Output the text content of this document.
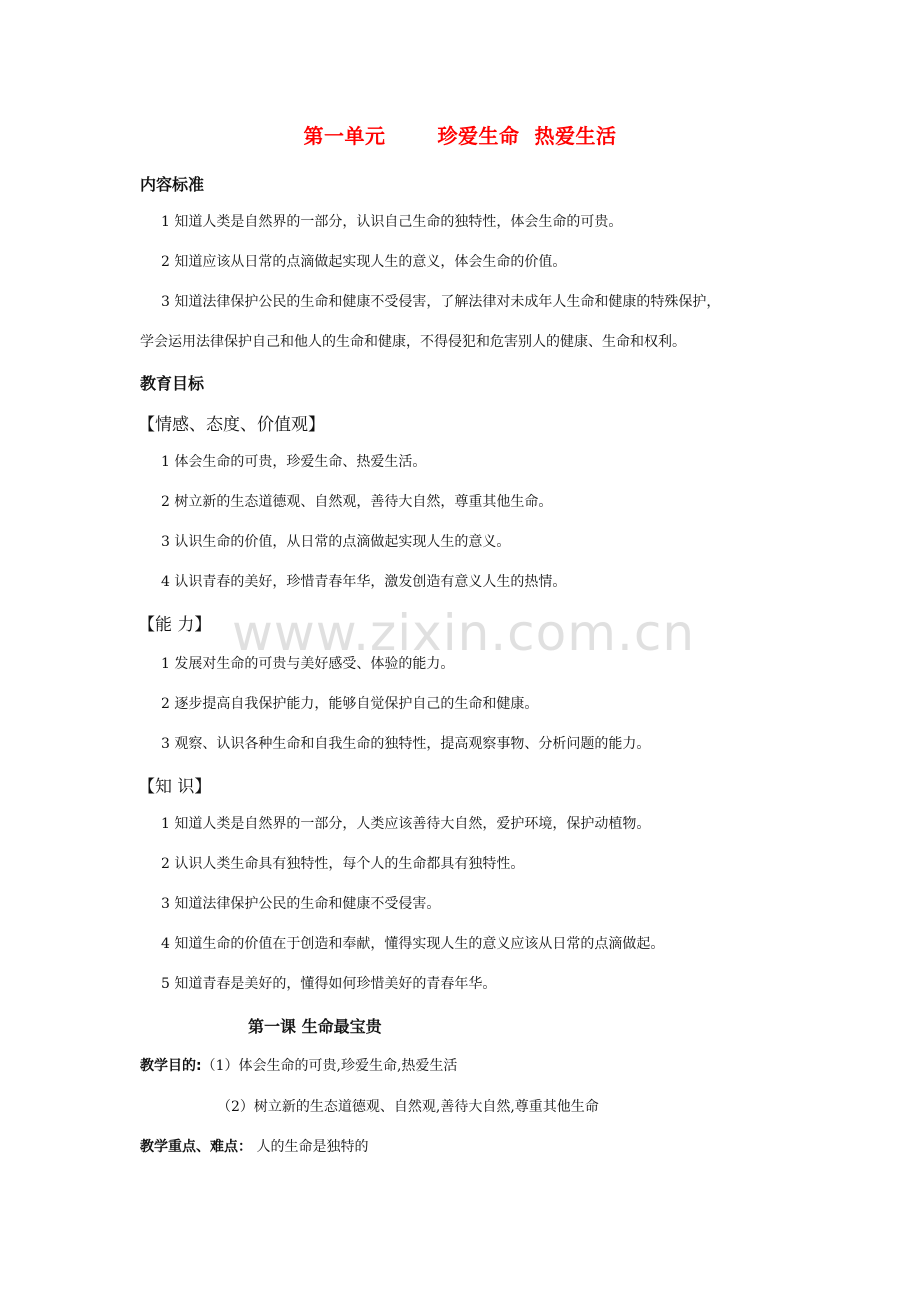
第一单元	珍爱生命  热爱生活
内容标准
1 知道人类是自然界的一部分，认识自己生命的独特性，体会生命的可贵。
2 知道应该从日常的点滴做起实现人生的意义，体会生命的价值。
3 知道法律保护公民的生命和健康不受侵害，了解法律对未成年人生命和健康的特殊保护，
学会运用法律保护自己和他人的生命和健康，不得侵犯和危害别人的健康、生命和权利。
教育目标
【情感、态度、价值观】
1 体会生命的可贵，珍爱生命、热爱生活。
2 树立新的生态道德观、自然观，善待大自然，尊重其他生命。
3 认识生命的价值，从日常的点滴做起实现人生的意义。
4 认识青春的美好，珍惜青春年华，激发创造有意义人生的热情。
【能 力】
1 发展对生命的可贵与美好感受、体验的能力。
2 逐步提高自我保护能力，能够自觉保护自己的生命和健康。
3 观察、认识各种生命和自我生命的独特性，提高观察事物、分析问题的能力。
【知 识】
1 知道人类是自然界的一部分，人类应该善待大自然，爱护环境，保护动植物。
2 认识人类生命具有独特性，每个人的生命都具有独特性。
3 知道法律保护公民的生命和健康不受侵害。
4 知道生命的价值在于创造和奉献，懂得实现人生的意义应该从日常的点滴做起。
5 知道青春是美好的，懂得如何珍惜美好的青春年华。
第一课 生命最宝贵
教学目的:（1）体会生命的可贵,珍爱生命,热爱生活
（2）树立新的生态道德观、自然观,善待大自然,尊重其他生命
教学重点、难点： 人的生命是独特的
www.zixin.com.cn
